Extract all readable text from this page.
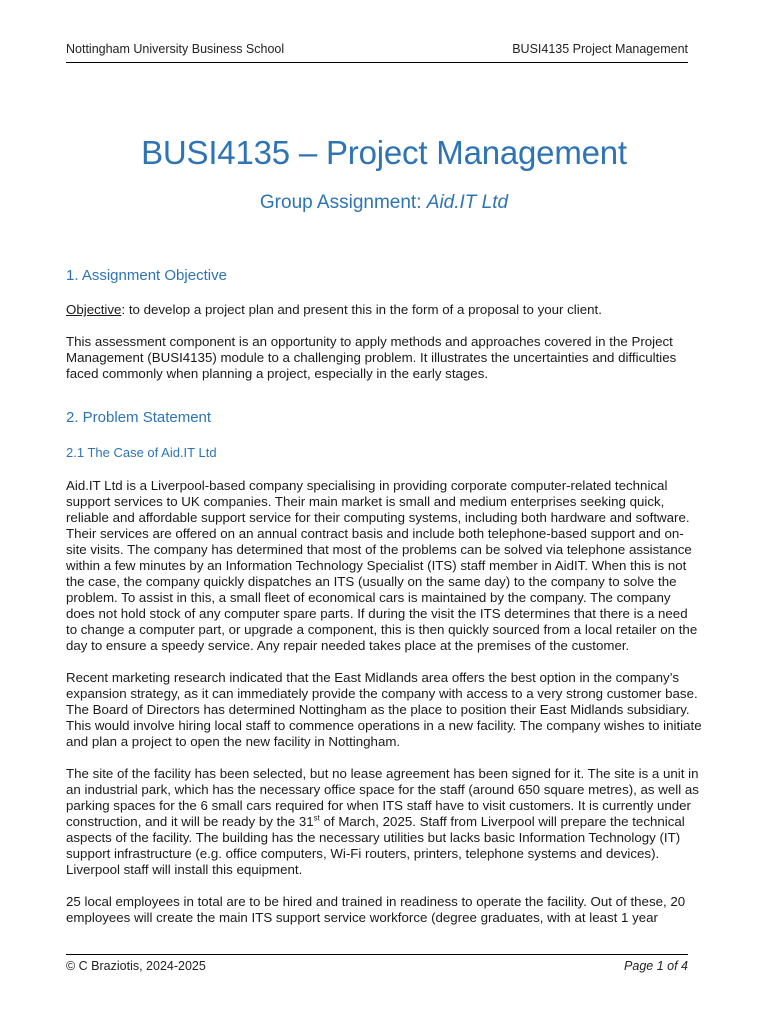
Nottingham University Business School	BUSI4135 Project Management
BUSI4135 – Project Management
Group Assignment: Aid.IT Ltd
1. Assignment Objective

Objective: to develop a project plan and present this in the form of a proposal to your client.

This assessment component is an opportunity to apply methods and approaches covered in the Project Management (BUSI4135) module to a challenging problem. It illustrates the uncertainties and difficulties faced commonly when planning a project, especially in the early stages.

2. Problem Statement
2.1 The Case of Aid.IT Ltd

Aid.IT Ltd is a Liverpool-based company specialising in providing corporate computer-related technical support services to UK companies. Their main market is small and medium enterprises seeking quick, reliable and affordable support service for their computing systems, including both hardware and software. Their services are offered on an annual contract basis and include both telephone-based support and on-site visits. The company has determined that most of the problems can be solved via telephone assistance within a few minutes by an Information Technology Specialist (ITS) staff member in AidIT. When this is not the case, the company quickly dispatches an ITS (usually on the same day) to the company to solve the problem. To assist in this, a small fleet of economical cars is maintained by the company. The company does not hold stock of any computer spare parts. If during the visit the ITS determines that there is a need to change a computer part, or upgrade a component, this is then quickly sourced from a local retailer on the day to ensure a speedy service. Any repair needed takes place at the premises of the customer.

Recent marketing research indicated that the East Midlands area offers the best option in the company’s expansion strategy, as it can immediately provide the company with access to a very strong customer base. The Board of Directors has determined Nottingham as the place to position their East Midlands subsidiary. This would involve hiring local staff to commence operations in a new facility. The company wishes to initiate and plan a project to open the new facility in Nottingham.

The site of the facility has been selected, but no lease agreement has been signed for it. The site is a unit in an industrial park, which has the necessary office space for the staff (around 650 square metres), as well as parking spaces for the 6 small cars required for when ITS staff have to visit customers. It is currently under construction, and it will be ready by the 31st of March, 2025. Staff from Liverpool will prepare the technical aspects of the facility. The building has the necessary utilities but lacks basic Information Technology (IT) support infrastructure (e.g. office computers, Wi-Fi routers, printers, telephone systems and devices). Liverpool staff will install this equipment.

25 local employees in total are to be hired and trained in readiness to operate the facility. Out of these, 20 employees will create the main ITS support service workforce (degree graduates, with at least 1 year

© C Braziotis, 2024-2025	Page 1 of 4
